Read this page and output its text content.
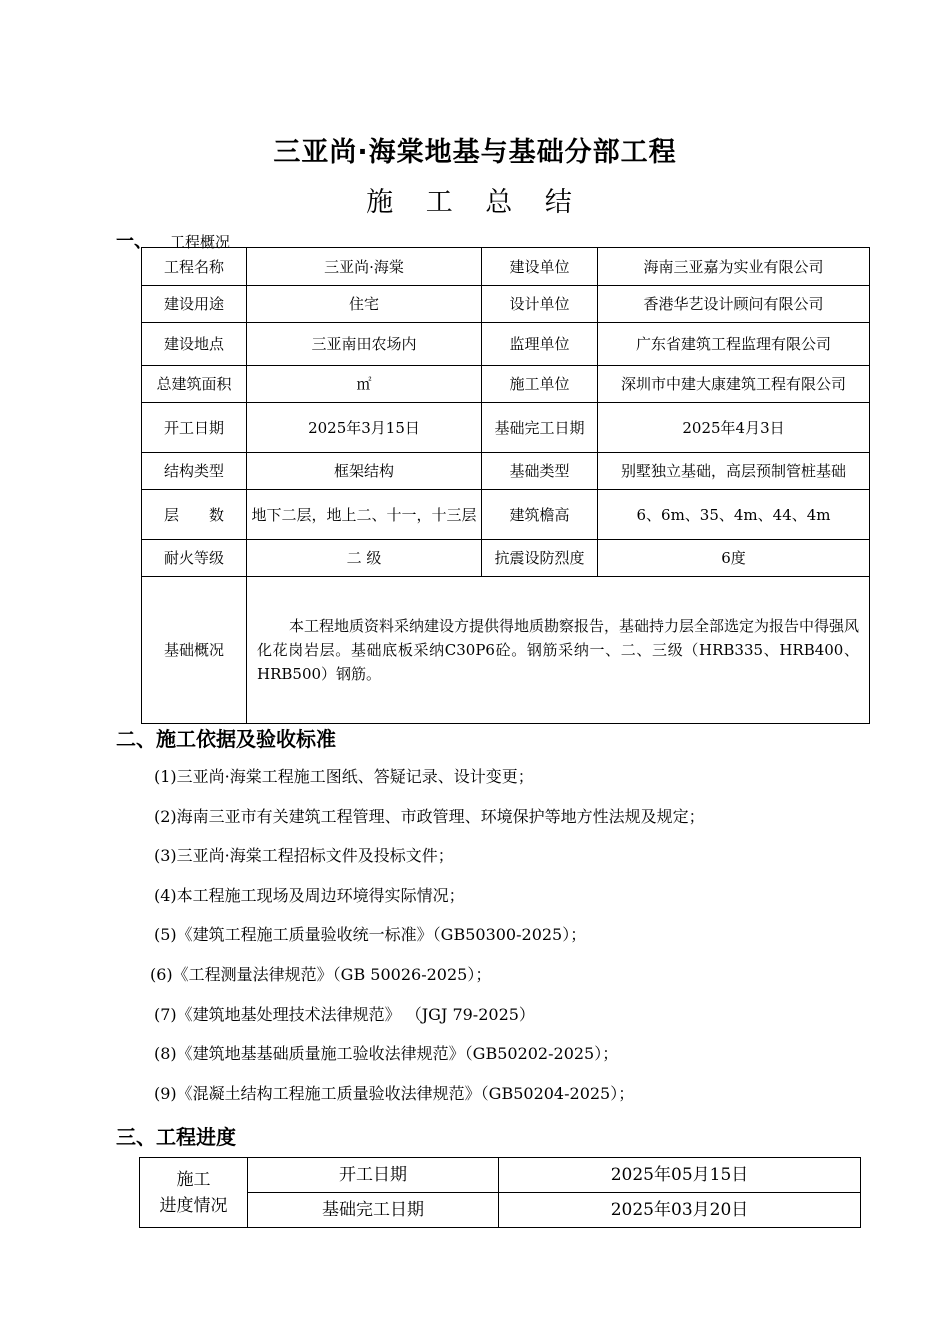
三亚尚·海棠地基与基础分部工程
施 工 总 结
一、 工程概况
工程名称	三亚尚·海棠	建设单位	海南三亚嘉为实业有限公司
建设用途	住宅	设计单位	香港华艺设计顾问有限公司
建设地点	三亚南田农场内	监理单位	广东省建筑工程监理有限公司
总建筑面积	㎡	施工单位	深圳市中建大康建筑工程有限公司
开工日期	2025年3月15日	基础完工日期	2025年4月3日
结构类型	框架结构	基础类型	别墅独立基础，高层预制管桩基础
层　　数	地下二层，地上二、十一，十三层	建筑檐高	6、6m、35、4m、44、4m
耐火等级	二 级	抗震设防烈度	6度
基础概况	本工程地质资料采纳建设方提供得地质勘察报告，基础持力层全部选定为报告中得强风化花岗岩层。基础底板采纳C30P6砼。钢筋采纳一、二、三级（HRB335、HRB400、HRB500）钢筋。		
二、施工依据及验收标准
(1)三亚尚·海棠工程施工图纸、答疑记录、设计变更；
(2)海南三亚市有关建筑工程管理、市政管理、环境保护等地方性法规及规定；
(3)三亚尚·海棠工程招标文件及投标文件；
(4)本工程施工现场及周边环境得实际情况；
(5)《建筑工程施工质量验收统一标准》（GB50300-2025）；
(6)《工程测量法律规范》（GB 50026-2025）；
(7)《建筑地基处理技术法律规范》 （JGJ 79-2025）
(8)《建筑地基基础质量施工验收法律规范》（GB50202-2025）；
(9)《混凝土结构工程施工质量验收法律规范》（GB50204-2025）；
三、工程进度
施工
进度情况	开工日期	2025年05月15日
	基础完工日期	2025年03月20日
